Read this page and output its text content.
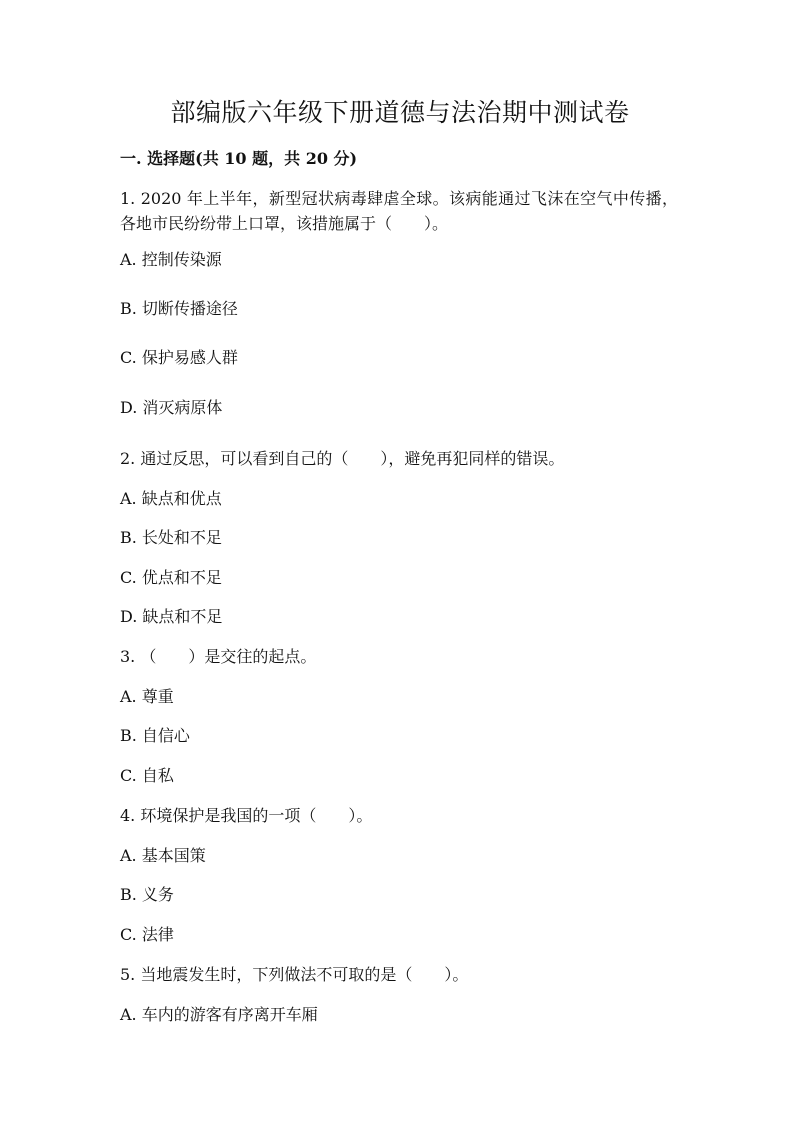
部编版六年级下册道德与法治期中测试卷
一. 选择题(共 10 题，共 20 分)
1. 2020 年上半年，新型冠状病毒肆虐全球。该病能通过飞沫在空气中传播，各地市民纷纷带上口罩，该措施属于（　　）。
A. 控制传染源
B. 切断传播途径
C. 保护易感人群
D. 消灭病原体
2. 通过反思，可以看到自己的（　　），避免再犯同样的错误。
A. 缺点和优点
B. 长处和不足
C. 优点和不足
D. 缺点和不足
3. （　　）是交往的起点。
A. 尊重
B. 自信心
C. 自私
4. 环境保护是我国的一项（　　）。
A. 基本国策
B. 义务
C. 法律
5. 当地震发生时，下列做法不可取的是（　　）。
A. 车内的游客有序离开车厢
